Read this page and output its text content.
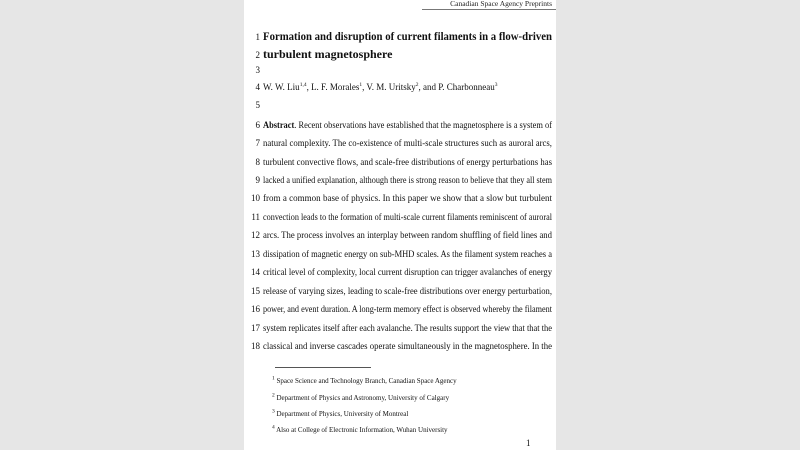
Canadian Space Agency Preprints
1
2
3
4
5
6
7
8
9
10
11
12
13
14
15
16
17
18
Formation and disruption of current filaments in a flow-driven
turbulent magnetosphere
W. W. Liu$^{1,4}$, L. F. Morales$^1$, V. M. Uritsky$^2$, and P. Charbonneau$^3$
Abstract. Recent observations have established that the magnetosphere is a system of
natural complexity. The co-existence of multi-scale structures such as auroral arcs,
turbulent convective flows, and scale-free distributions of energy perturbations has
lacked a unified explanation, although there is strong reason to believe that they all stem
from a common base of physics. In this paper we show that a slow but turbulent
convection leads to the formation of multi-scale current filaments reminiscent of auroral
arcs. The process involves an interplay between random shuffling of field lines and
dissipation of magnetic energy on sub-MHD scales. As the filament system reaches a
critical level of complexity, local current disruption can trigger avalanches of energy
release of varying sizes, leading to scale-free distributions over energy perturbation,
power, and event duration. A long-term memory effect is observed whereby the filament
system replicates itself after each avalanche. The results support the view that that the
classical and inverse cascades operate simultaneously in the magnetosphere. In the
$^1$ Space Science and Technology Branch, Canadian Space Agency
$^2$ Department of Physics and Astronomy, University of Calgary
$^3$ Department of Physics, University of Montreal
$^4$ Also at College of Electronic Information, Wuhan University
1
